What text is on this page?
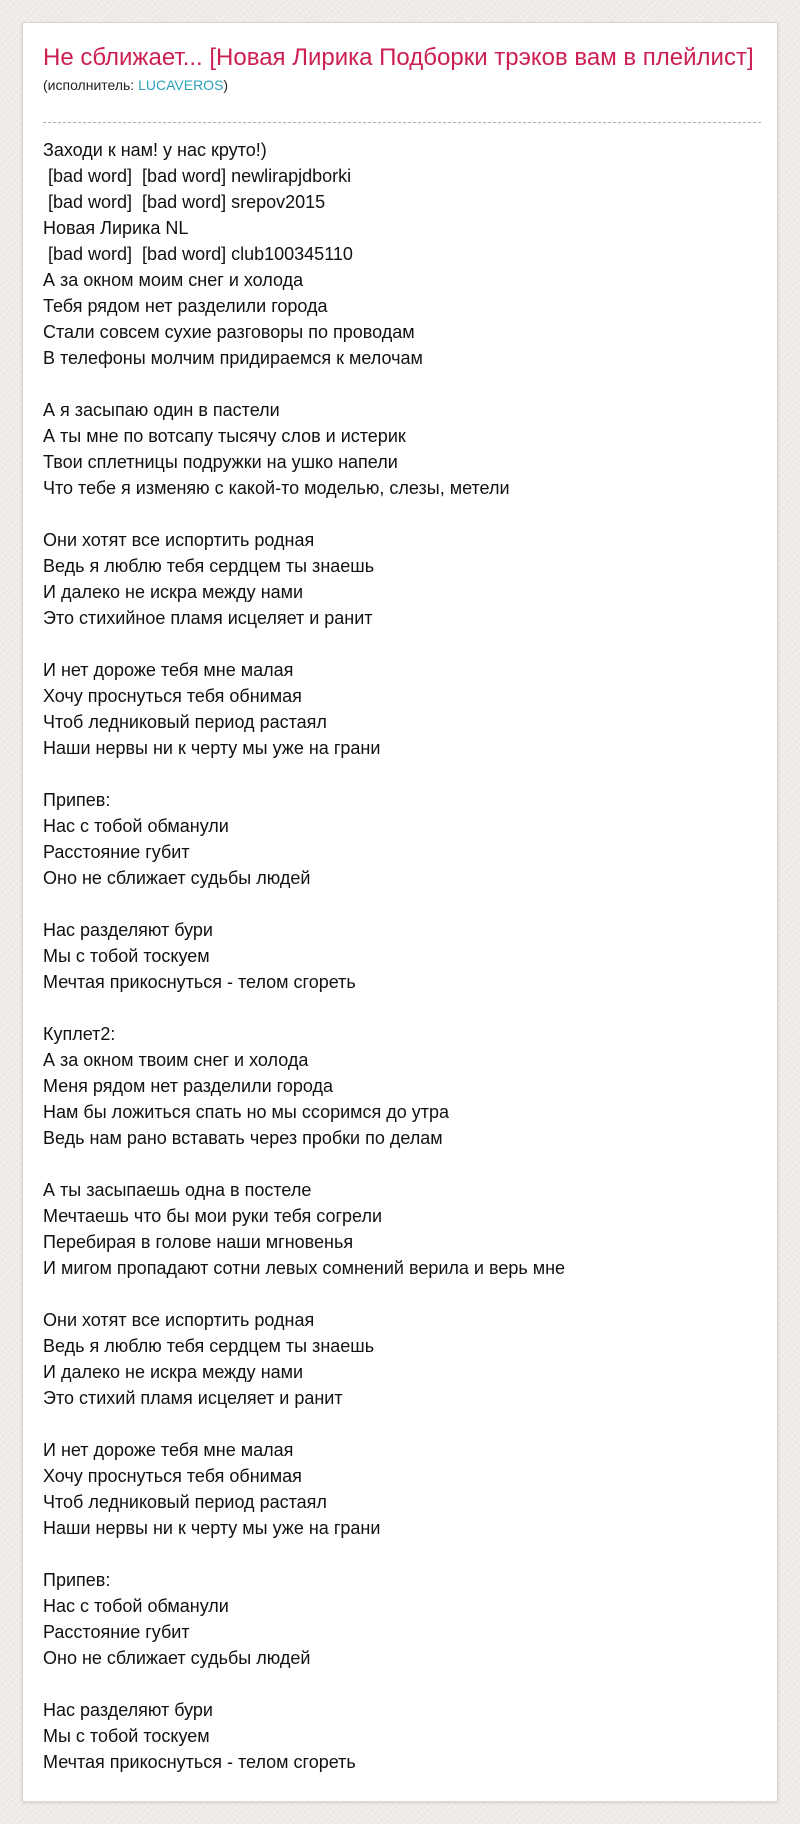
Не сближает... [Новая Лирика Подборки трэков вам в плейлист]
(исполнитель: LUCAVEROS)
Заходи к нам! у нас круто!)
[bad word]  [bad word] newlirapjdborki
[bad word]  [bad word] srepov2015
Новая Лирика NL
[bad word]  [bad word] club100345110
А за окном моим снег и холода
Тебя рядом нет разделили города
Стали совсем сухие разговоры по проводам
В телефоны молчим придираемся к мелочам
А я засыпаю один в пастели
А ты мне по вотсапу тысячу слов и истерик
Твои сплетницы подружки на ушко напели
Что тебе я изменяю с какой-то моделью, слезы, метели
Они хотят все испортить родная
Ведь я люблю тебя сердцем ты знаешь
И далеко не искра между нами
Это стихийное пламя исцеляет и ранит
И нет дороже тебя мне малая
Хочу проснуться тебя обнимая
Чтоб ледниковый период растаял
Наши нервы ни к черту мы уже на грани
Припев:
Нас с тобой обманули
Расстояние губит
Оно не сближает судьбы людей
Нас разделяют бури
Мы с тобой тоскуем
Мечтая прикоснуться - телом сгореть
Куплет2:
А за окном твоим снег и холода
Меня рядом нет разделили города
Нам бы ложиться спать но мы ссоримся до утра
Ведь нам рано вставать через пробки по делам
А ты засыпаешь одна в постеле
Мечтаешь что бы мои руки тебя согрели
Перебирая в голове наши мгновенья
И мигом пропадают сотни левых сомнений верила и верь мне
Они хотят все испортить родная
Ведь я люблю тебя сердцем ты знаешь
И далеко не искра между нами
Это стихий пламя исцеляет и ранит
И нет дороже тебя мне малая
Хочу проснуться тебя обнимая
Чтоб ледниковый период растаял
Наши нервы ни к черту мы уже на грани
Припев:
Нас с тобой обманули
Расстояние губит
Оно не сближает судьбы людей
Нас разделяют бури
Мы с тобой тоскуем
Мечтая прикоснуться - телом сгореть
